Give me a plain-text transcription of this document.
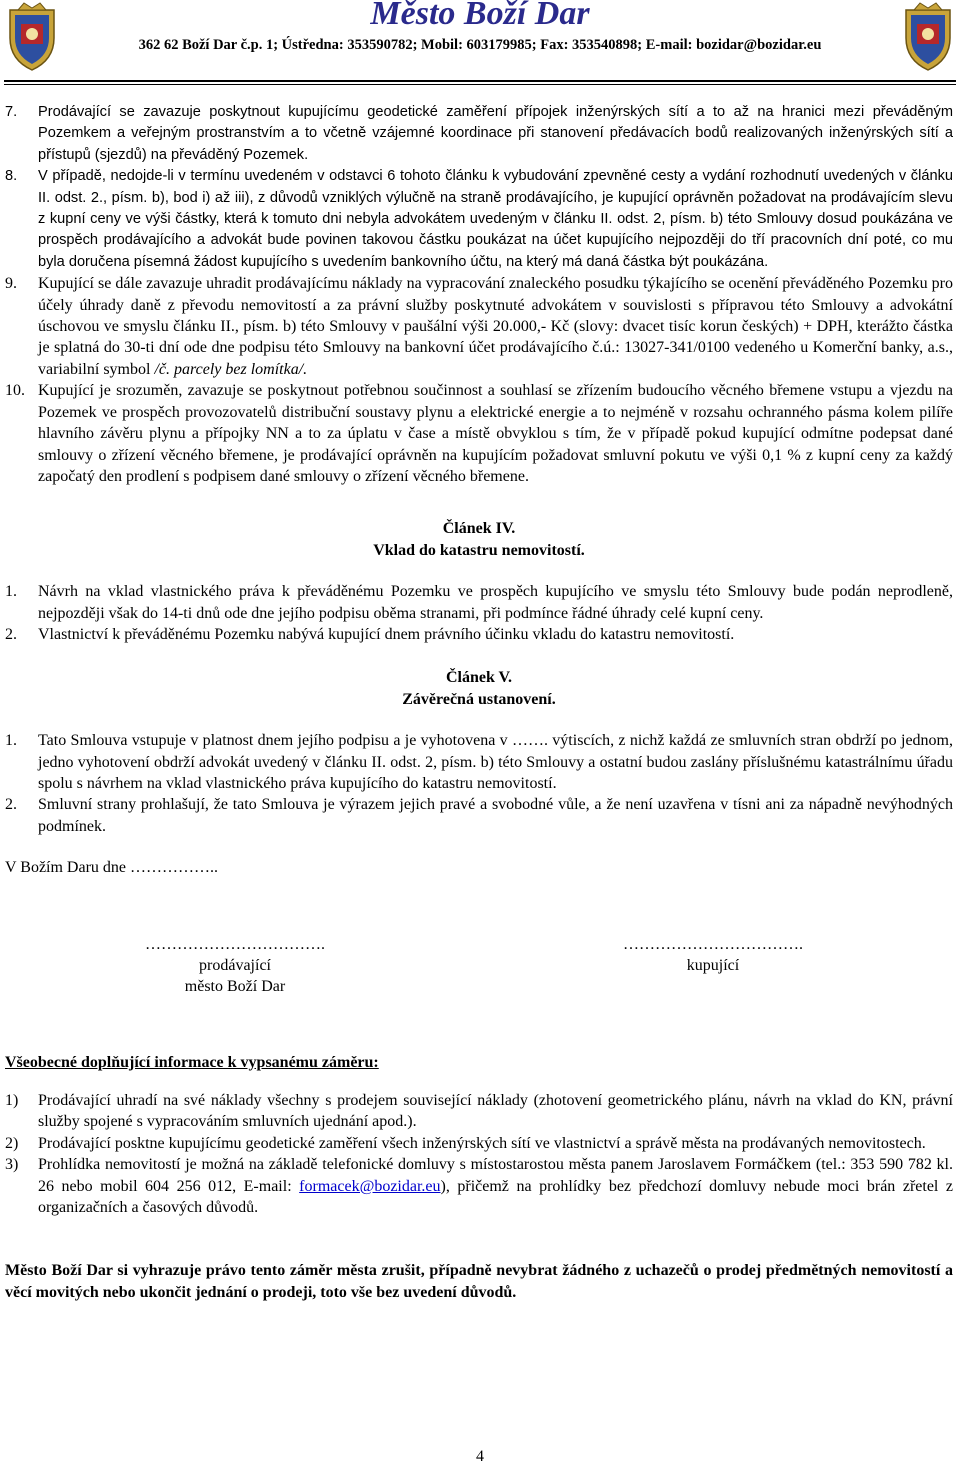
Město Boží Dar
362 62 Boží Dar č.p. 1; Ústředna: 353590782; Mobil: 603179985; Fax: 353540898; E-mail: bozidar@bozidar.eu
7.	Prodávající se zavazuje poskytnout kupujícímu geodetické zaměření přípojek inženýrských sítí a to až na hranici mezi převáděným Pozemkem a veřejným prostranstvím a to včetně vzájemné koordinace při stanovení předávacích bodů realizovaných inženýrských sítí a přístupů (sjezdů) na převáděný Pozemek.
8.	V případě, nedojde-li v termínu uvedeném v odstavci 6 tohoto článku k vybudování zpevněné cesty a vydání rozhodnutí uvedených v článku II. odst. 2., písm. b), bod i) až iii), z důvodů vzniklých výlučně na straně prodávajícího, je kupující oprávněn požadovat na prodávajícím slevu z kupní ceny ve výši částky, která k tomuto dni nebyla advokátem uvedeným v článku II. odst. 2, písm. b) této Smlouvy dosud poukázána ve prospěch prodávajícího a advokát bude povinen takovou částku poukázat na účet kupujícího nejpozději do tří pracovních dní poté, co mu byla doručena písemná žádost kupujícího s uvedením bankovního účtu, na který má daná částka být poukázána.
9.	Kupující se dále zavazuje uhradit prodávajícímu náklady na vypracování znaleckého posudku týkajícího se ocenění převáděného Pozemku pro účely úhrady daně z převodu nemovitostí a za právní služby poskytnuté advokátem v souvislosti s přípravou této Smlouvy a advokátní úschovou ve smyslu článku II., písm. b) této Smlouvy v paušální výši 20.000,- Kč (slovy: dvacet tisíc korun českých) + DPH, kterážto částka je splatná do 30-ti dní ode dne podpisu této Smlouvy na bankovní účet prodávajícího č.ú.: 13027-341/0100 vedeného u Komerční banky, a.s., variabilní symbol /č. parcely bez lomítka/.
10. Kupující je srozuměn, zavazuje se poskytnout potřebnou součinnost a souhlasí se zřízením budoucího věcného břemene vstupu a vjezdu na Pozemek ve prospěch provozovatelů distribuční soustavy plynu a elektrické energie a to nejméně v rozsahu ochranného pásma kolem pilíře hlavního závěru plynu a přípojky NN a to za úplatu v čase a místě obvyklou s tím, že v případě pokud kupující odmítne podepsat dané smlouvy o zřízení věcného břemene, je prodávající oprávněn na kupujícím požadovat smluvní pokutu ve výši 0,1 % z kupní ceny za každý započatý den prodlení s podpisem dané smlouvy o zřízení věcného břemene.
Článek IV.
Vklad do katastru nemovitostí.
1.	Návrh na vklad vlastnického práva k převáděnému Pozemku ve prospěch kupujícího ve smyslu této Smlouvy bude podán neprodleně, nejpozději však do 14-ti dnů ode dne jejího podpisu oběma stranami, při podmínce řádné úhrady celé kupní ceny.
2.	Vlastnictví k převáděnému Pozemku nabývá kupující dnem právního účinku vkladu do katastru nemovitostí.
Článek V.
Závěrečná ustanovení.
1.	Tato Smlouva vstupuje v platnost dnem jejího podpisu a je vyhotovena v ……. výtiscích, z nichž každá ze smluvních stran obdrží po jednom, jedno vyhotovení obdrží advokát uvedený v článku II. odst. 2, písm. b) této Smlouvy a ostatní budou zaslány příslušnému katastrálnímu úřadu spolu s návrhem na vklad vlastnického práva kupujícího do katastru nemovitostí.
2.	Smluvní strany prohlašují, že tato Smlouva je výrazem jejich pravé a svobodné vůle, a že není uzavřena v tísni ani za nápadně nevýhodných podmínek.
V Božím Daru dne ……………..
…………………………….
prodávající
město Boží Dar
…………………………….
kupující
Všeobecné doplňující informace k vypsanému záměru:
1)	Prodávající uhradí na své náklady všechny s prodejem související náklady (zhotovení geometrického plánu, návrh na vklad do KN, právní služby spojené s vypracováním smluvních ujednání apod.).
2)	Prodávající posktne kupujícímu geodetické zaměření všech inženýrských sítí ve vlastnictví a správě města na prodávaných nemovitostech.
3)	Prohlídka nemovitostí je možná na základě telefonické domluvy s místostarostou města panem Jaroslavem Formáčkem (tel.: 353 590 782 kl. 26 nebo mobil 604 256 012, E-mail: formacek@bozidar.eu), přičemž na prohlídky bez předchozí domluvy nebude moci brán zřetel z organizačních a časových důvodů.
Město Boží Dar si vyhrazuje právo tento záměr města zrušit, případně nevybrat žádného z uchazečů o prodej předmětných nemovitostí a věcí movitých nebo ukončit jednání o prodeji, toto vše bez uvedení důvodů.
4
